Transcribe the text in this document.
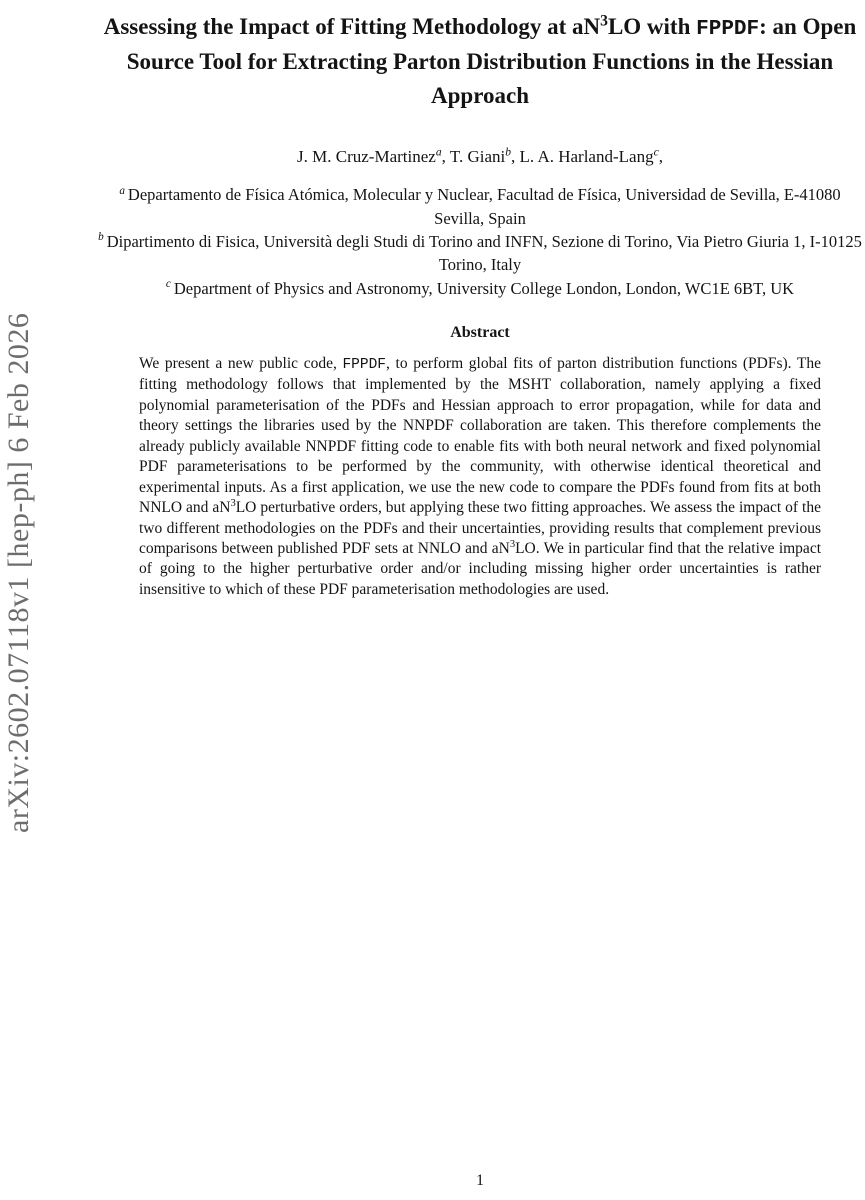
arXiv:2602.07118v1 [hep-ph] 6 Feb 2026
Assessing the Impact of Fitting Methodology at $aN^3LO$ with FPPDF: an Open Source Tool for Extracting Parton Distribution Functions in the Hessian Approach
J. M. Cruz-Martinez$^a$, T. Giani$^b$, L. A. Harland-Lang$^c$,
$^a$ Departamento de Física Atómica, Molecular y Nuclear, Facultad de Física, Universidad de Sevilla, E-41080 Sevilla, Spain
$^b$ Dipartimento di Fisica, Università degli Studi di Torino and INFN, Sezione di Torino, Via Pietro Giuria 1, I-10125 Torino, Italy
$^c$ Department of Physics and Astronomy, University College London, London, WC1E 6BT, UK
Abstract

We present a new public code, FPPDF, to perform global fits of parton distribution functions (PDFs). The fitting methodology follows that implemented by the MSHT collaboration, namely applying a fixed polynomial parameterisation of the PDFs and Hessian approach to error propagation, while for data and theory settings the libraries used by the NNPDF collaboration are taken. This therefore complements the already publicly available NNPDF fitting code to enable fits with both neural network and fixed polynomial PDF parameterisations to be performed by the community, with otherwise identical theoretical and experimental inputs. As a first application, we use the new code to compare the PDFs found from fits at both NNLO and $aN^3LO$ perturbative orders, but applying these two fitting approaches. We assess the impact of the two different methodologies on the PDFs and their uncertainties, providing results that complement previous comparisons between published PDF sets at NNLO and $aN^3LO$. We in particular find that the relative impact of going to the higher perturbative order and/or including missing higher order uncertainties is rather insensitive to which of these PDF parameterisation methodologies are used.

1
